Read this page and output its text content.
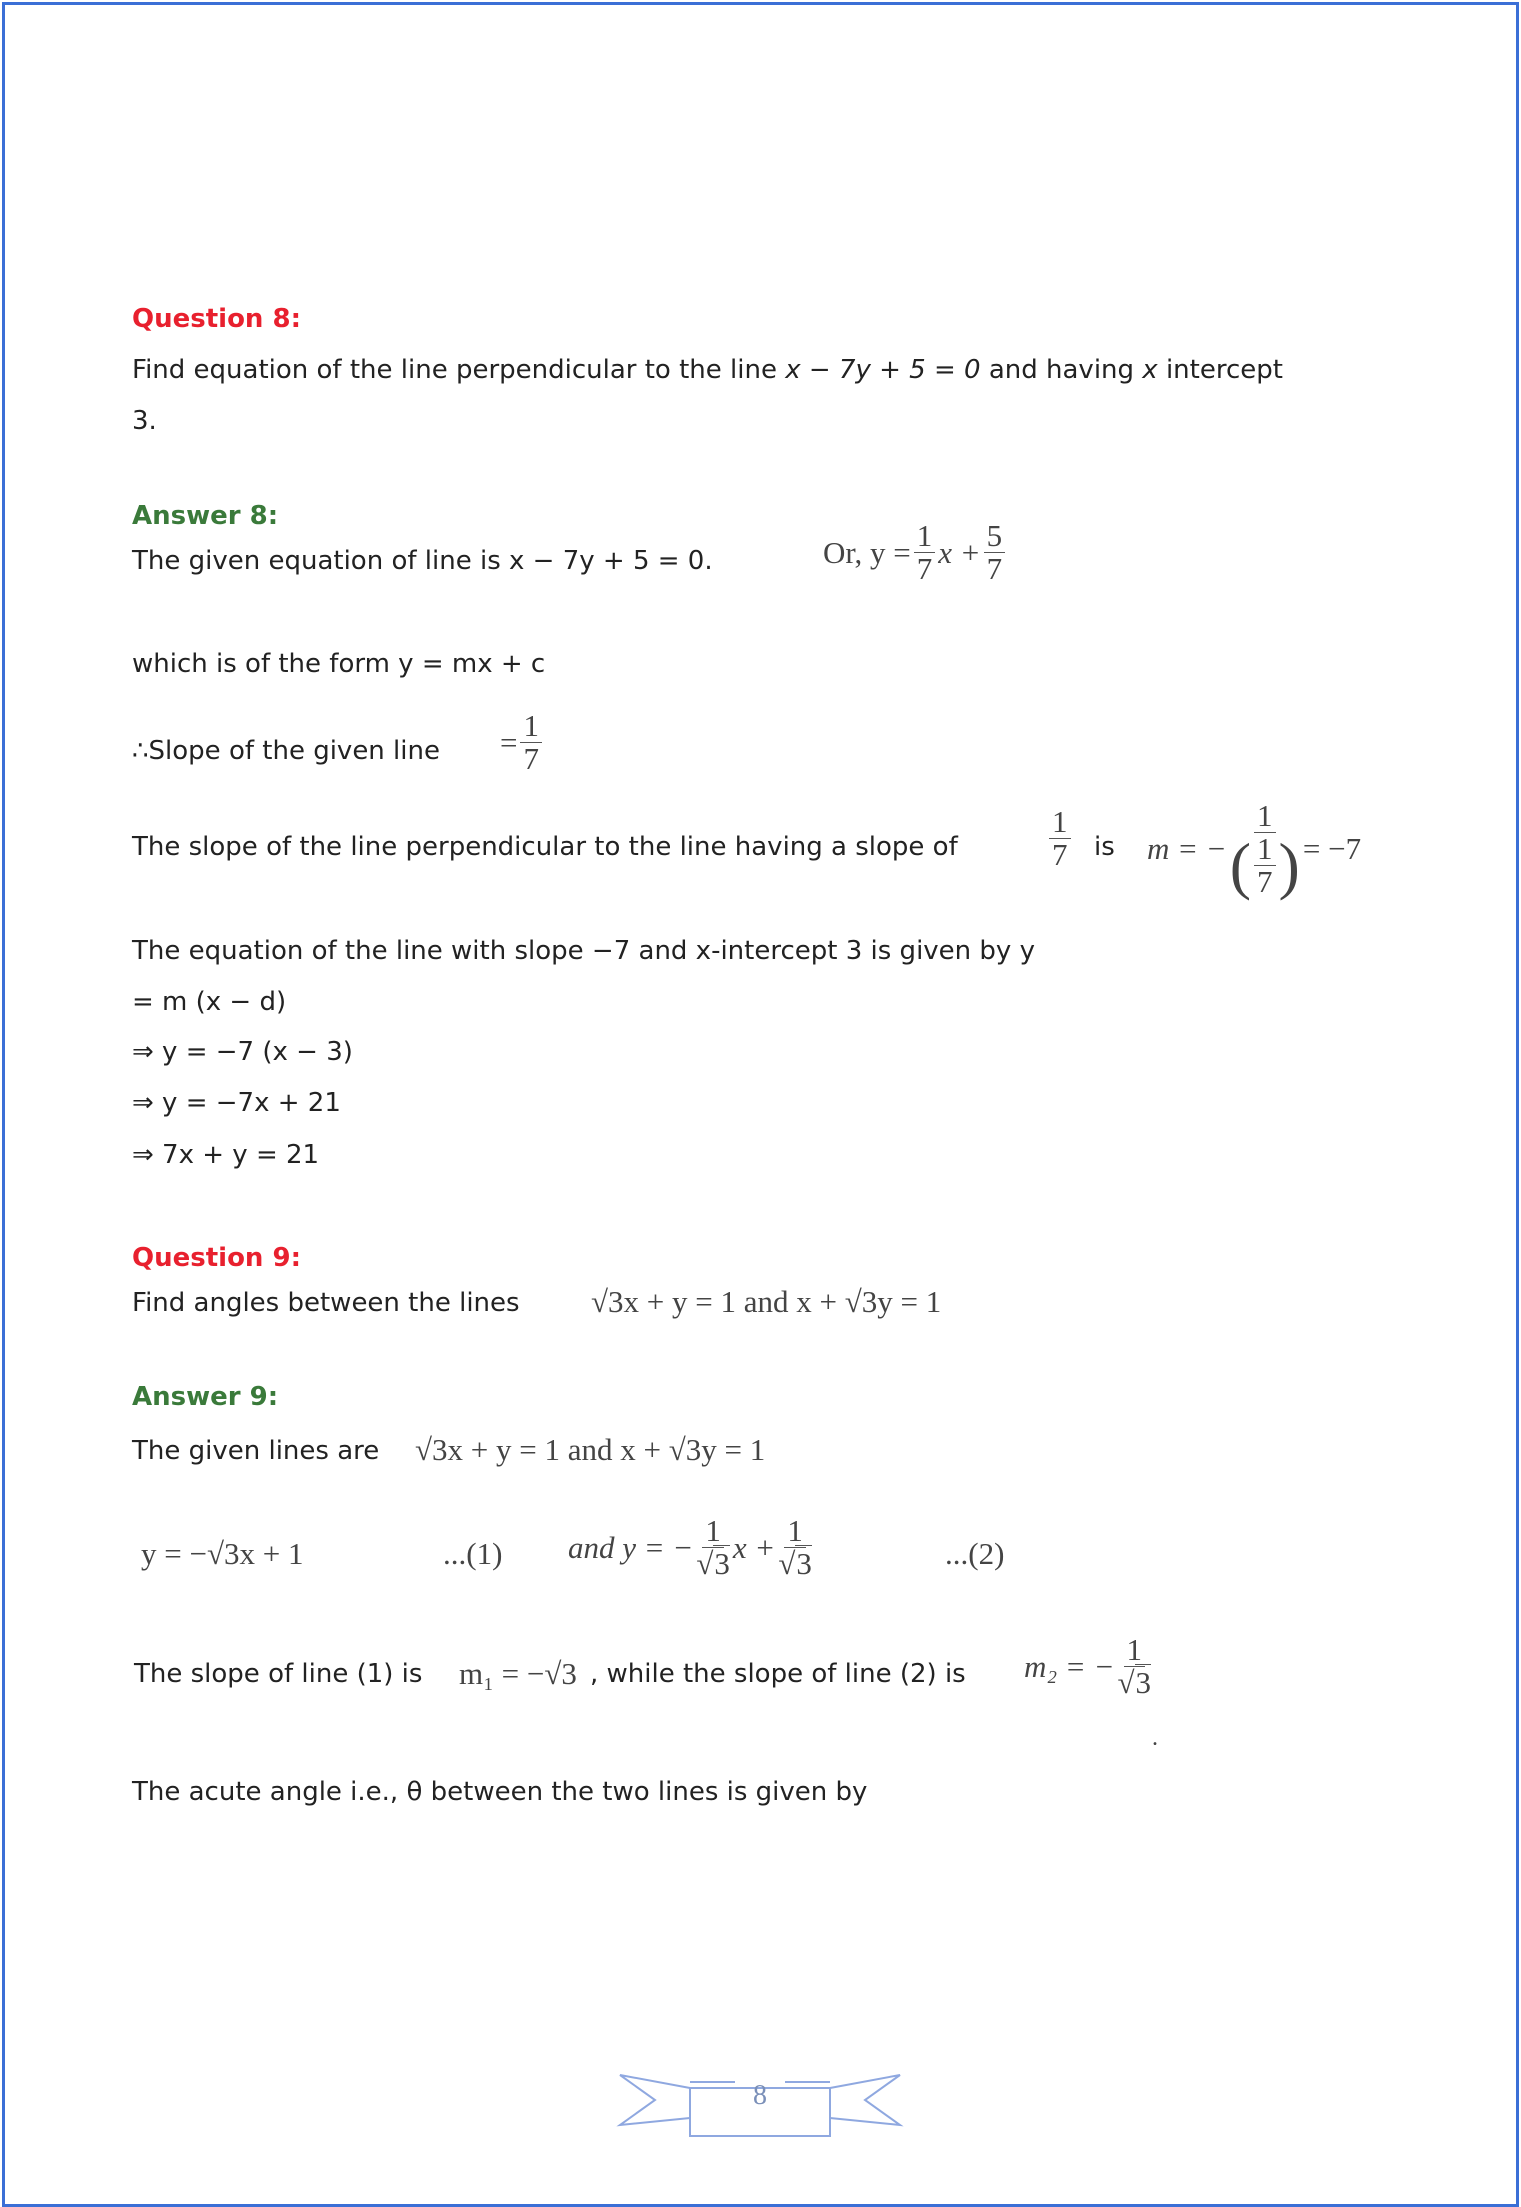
Question 8:
Find equation of the line perpendicular to the line x − 7y + 5 = 0 and having x intercept
3.
Answer 8:
The given equation of line is x − 7y + 5 = 0.	Or, $y = \frac{1}{7}$ $x + \frac{5}{7}$
which is of the form y = mx + c
∴Slope of the given line = $\frac{1}{7}$
The slope of the line perpendicular to the line having a slope of	$\frac{1}{7}$ is m = − $\frac{1}{( \frac{1}{7} )} = -7$
The equation of the line with slope −7 and x-intercept 3 is given by y
= m (x − d)
⇒ y = −7 (x − 3)
⇒ y = −7x + 21
⇒ 7x + y = 21
Question 9:
Find angles between the lines √3x + y = 1 and x + √3y = 1
Answer 9:
The given lines are √3x + y = 1 and x + √3y = 1
y = −√3x + 1	...(1) and y = − $\frac{1}{√3}$ $x + \frac{1}{√3}$	...(2)
The slope of line (1) is m₁ = −√3 , while the slope of line (2) is m₂ = − $\frac{1}{√3}$
.
The acute angle i.e., θ between the two lines is given by
8
